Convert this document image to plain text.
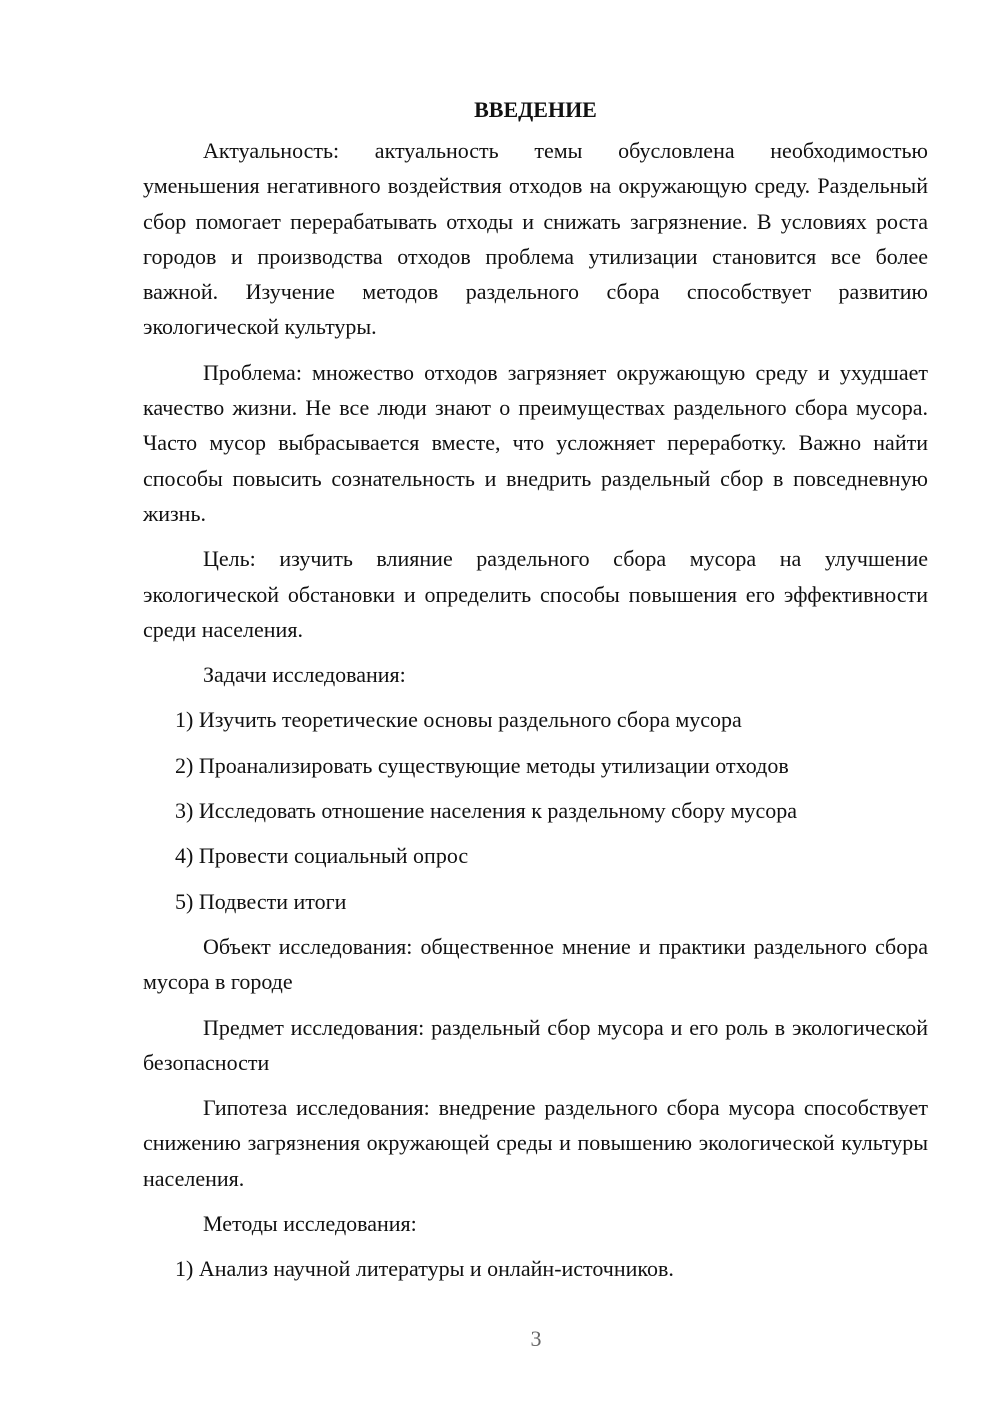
ВВЕДЕНИЕ

Актуальность: актуальность темы обусловлена необходимостью уменьшения негативного воздействия отходов на окружающую среду. Раздельный сбор помогает перерабатывать отходы и снижать загрязнение. В условиях роста городов и производства отходов проблема утилизации становится все более важной. Изучение методов раздельного сбора способствует развитию экологической культуры.

Проблема: множество отходов загрязняет окружающую среду и ухудшает качество жизни. Не все люди знают о преимуществах раздельного сбора мусора. Часто мусор выбрасывается вместе, что усложняет переработку. Важно найти способы повысить сознательность и внедрить раздельный сбор в повседневную жизнь.

Цель: изучить влияние раздельного сбора мусора на улучшение экологической обстановки и определить способы повышения его эффективности среди населения.

Задачи исследования:
1) Изучить теоретические основы раздельного сбора мусора
2) Проанализировать существующие методы утилизации отходов
3) Исследовать отношение населения к раздельному сбору мусора
4) Провести социальный опрос
5) Подвести итоги

Объект исследования: общественное мнение и практики раздельного сбора мусора в городе

Предмет исследования: раздельный сбор мусора и его роль в экологической безопасности

Гипотеза исследования: внедрение раздельного сбора мусора способствует снижению загрязнения окружающей среды и повышению экологической культуры населения.

Методы исследования:
1) Анализ научной литературы и онлайн-источников.
3
